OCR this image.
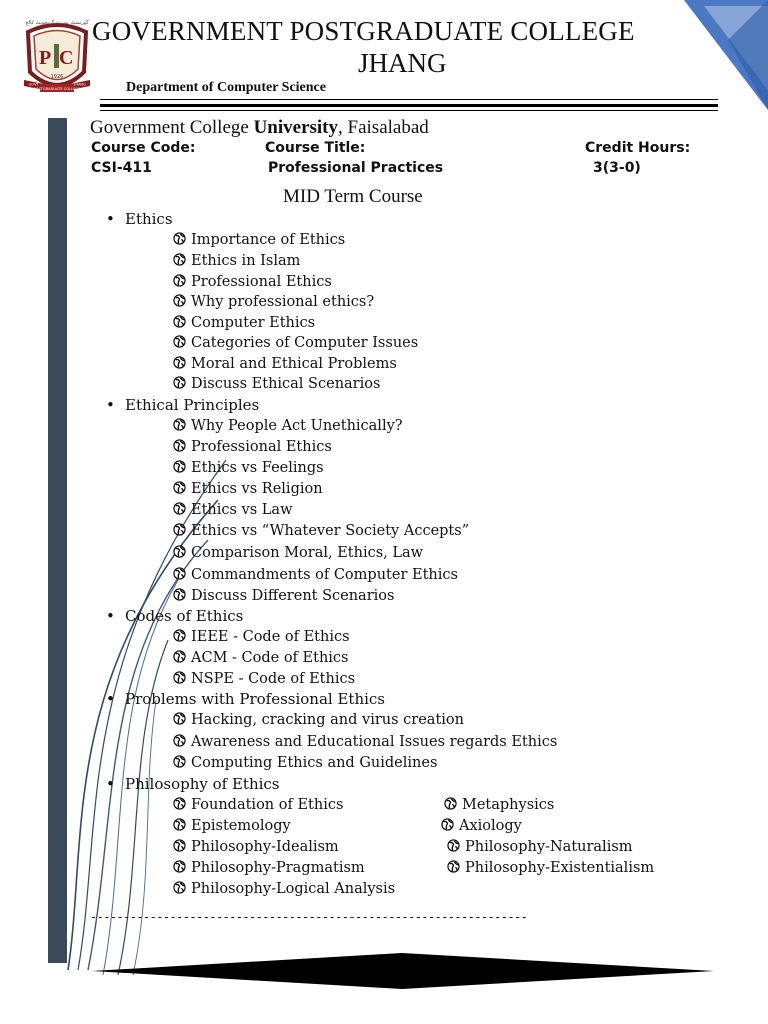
P C
گورنمنٹ پوسٹ گریجویٹ کالج
1926
GOVT.	JHANG
POSTGRADUATE COLLEGE
GOVERNMENT POSTGRADUATE COLLEGE
JHANG
Department of Computer Science
Government College University, Faisalabad
Course Code:	Course Title:	Credit Hours:
CSI-411	Professional Practices	3(3-0)
MID Term Course
• Ethics
• Ethical Principles
• Codes of Ethics
• Problems with Professional Ethics
• Philosophy of Ethics
Importance of Ethics
Ethics in Islam
Professional Ethics
Why professional ethics?
Computer Ethics
Categories of Computer Issues
Moral and Ethical Problems
Discuss Ethical Scenarios
Why People Act Unethically?
Professional Ethics
Ethics vs Feelings
Ethics vs Religion
Ethics vs Law
Ethics vs “Whatever Society Accepts”
Comparison Moral, Ethics, Law
Commandments of Computer Ethics
Discuss Different Scenarios
IEEE - Code of Ethics
ACM - Code of Ethics
NSPE - Code of Ethics
Hacking, cracking and virus creation
Awareness and Educational Issues regards Ethics
Computing Ethics and Guidelines
Foundation of Ethics
Epistemology
Philosophy-Idealism
Philosophy-Pragmatism
Philosophy-Logical Analysis
Metaphysics
Axiology
Philosophy-Naturalism
Philosophy-Existentialism
------------------------------------------------------------------
